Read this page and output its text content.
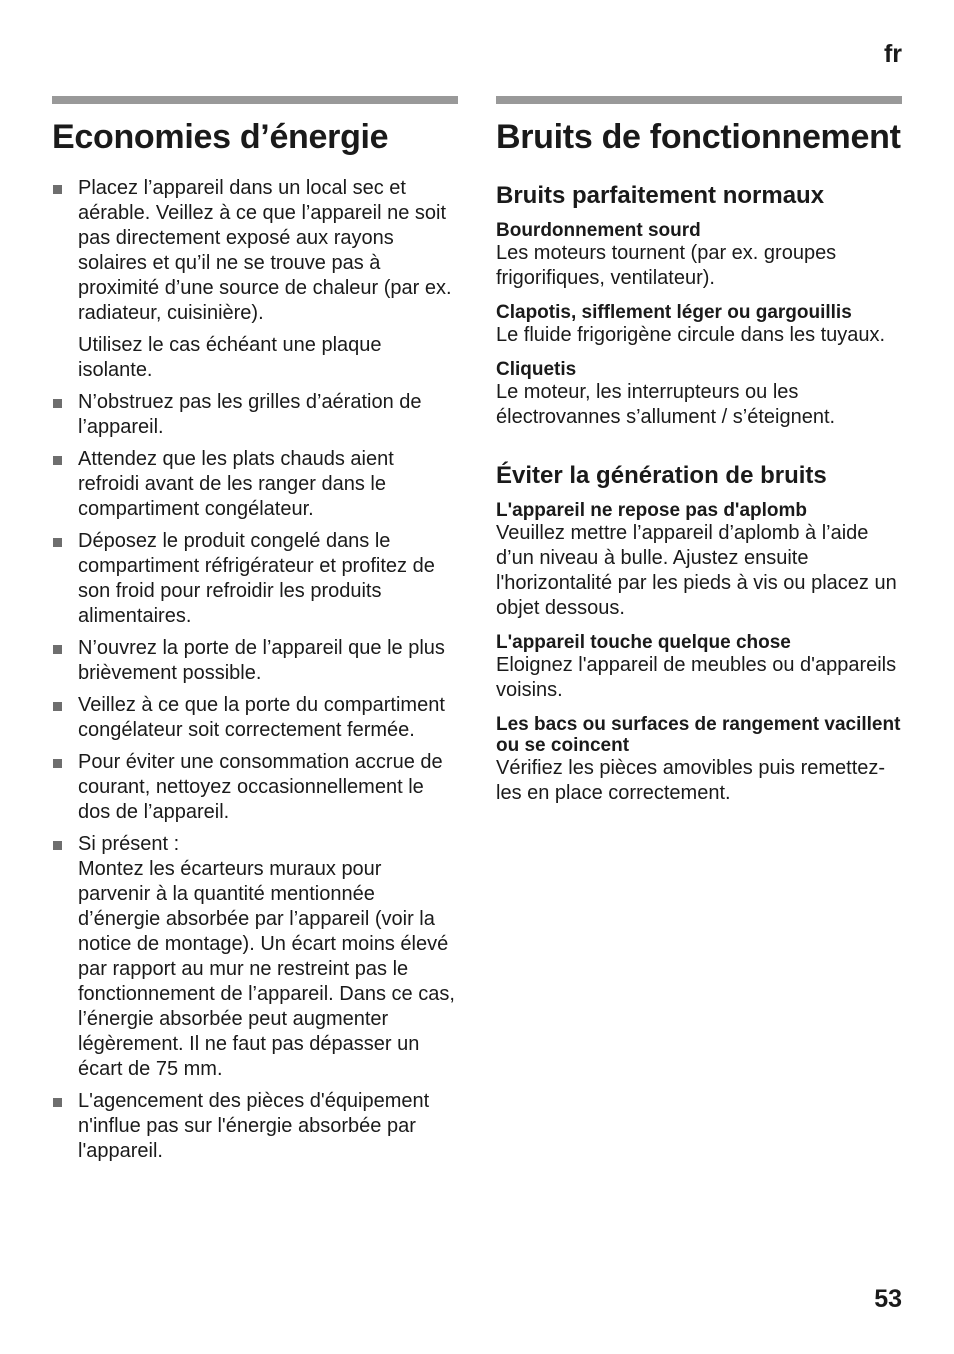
fr
Economies d’énergie
Placez l’appareil dans un local sec et aérable. Veillez à ce que l’appareil ne soit pas directement exposé aux rayons solaires et qu’il ne se trouve pas à proximité d’une source de chaleur (par ex. radiateur, cuisinière).
Utilisez le cas échéant une plaque isolante.
N’obstruez pas les grilles d’aération de l’appareil.
Attendez que les plats chauds aient refroidi avant de les ranger dans le compartiment congélateur.
Déposez le produit congelé dans le compartiment réfrigérateur et profitez de son froid pour refroidir les produits alimentaires.
N’ouvrez la porte de l’appareil que le plus brièvement possible.
Veillez à ce que la porte du compartiment congélateur soit correctement fermée.
Pour éviter une consommation accrue de courant, nettoyez occasionnellement le dos de l’appareil.
Si présent :
Montez les écarteurs muraux pour parvenir à la quantité mentionnée d’énergie absorbée par l’appareil (voir la notice de montage). Un écart moins élevé par rapport au mur ne restreint pas le fonctionnement de l’appareil. Dans ce cas, l’énergie absorbée peut augmenter légèrement. Il ne faut pas dépasser un écart de 75 mm.
L'agencement des pièces d'équipement n'influe pas sur l'énergie absorbée par l'appareil.
Bruits de fonctionnement
Bruits parfaitement normaux
Bourdonnement sourd
Les moteurs tournent (par ex. groupes frigorifiques, ventilateur).
Clapotis, sifflement léger ou gargouillis
Le fluide frigorigène circule dans les tuyaux.
Cliquetis
Le moteur, les interrupteurs ou les électrovannes s’allument / s’éteignent.
Éviter la génération de bruits
L'appareil ne repose pas d'aplomb
Veuillez mettre l’appareil d’aplomb à l’aide d’un niveau à bulle. Ajustez ensuite l'horizontalité par les pieds à vis ou placez un objet dessous.
L'appareil touche quelque chose
Eloignez l'appareil de meubles ou d'appareils voisins.
Les bacs ou surfaces de rangement vacillent ou se coincent
Vérifiez les pièces amovibles puis remettez-les en place correctement.
53
